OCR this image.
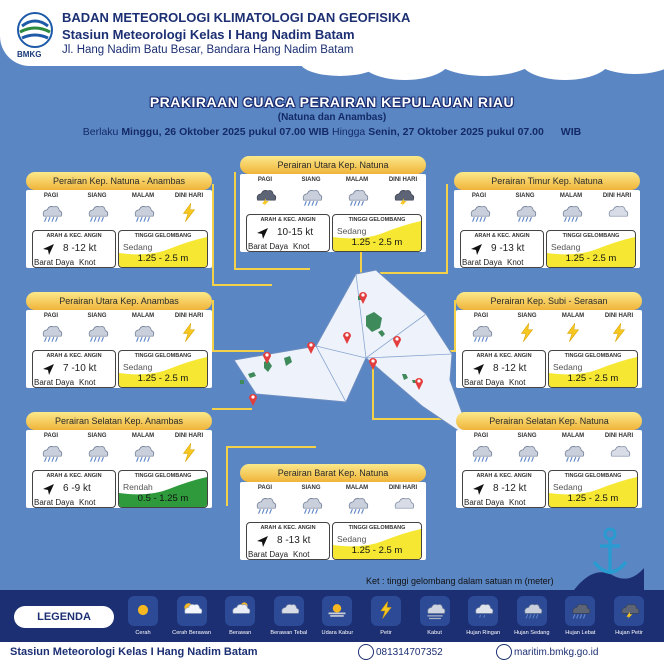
BMKG
BADAN METEOROLOGI KLIMATOLOGI DAN GEOFISIKA
Stasiun Meteorologi Kelas I Hang Nadim Batam
Jl. Hang Nadim Batu Besar, Bandara Hang Nadim Batam
PRAKIRAAN CUACA PERAIRAN KEPULAUAN RIAU
(Natuna dan Anambas)
Berlaku Minggu, 26 Oktober 2025 pukul 07.00 WIB Hingga Senin, 27 Oktober 2025 pukul 07.00 WIB
Perairan Kep. Natuna - Anambas
PAGI	SIANG	MALAM	DINI HARI
ARAH & KEC. ANGIN
8 -12 kt
Barat Daya Knot
TINGGI GELOMBANG
Sedang
1.25 - 2.5 m
Perairan Utara Kep. Natuna
PAGI	SIANG	MALAM	DINI HARI
ARAH & KEC. ANGIN
10-15 kt
Barat Daya Knot
TINGGI GELOMBANG
Sedang
1.25 - 2.5 m
Perairan Timur Kep. Natuna
PAGI	SIANG	MALAM	DINI HARI
ARAH & KEC. ANGIN
9 -13 kt
Barat Daya Knot
TINGGI GELOMBANG
Sedang
1.25 - 2.5 m
Perairan Utara Kep. Anambas
PAGI	SIANG	MALAM	DINI HARI
ARAH & KEC. ANGIN
7 -10 kt
Barat Daya Knot
TINGGI GELOMBANG
Sedang
1.25 - 2.5 m
Perairan Kep. Subi - Serasan
PAGI	SIANG	MALAM	DINI HARI
ARAH & KEC. ANGIN
8 -12 kt
Barat Daya Knot
TINGGI GELOMBANG
Sedang
1.25 - 2.5 m
Perairan Selatan Kep. Anambas
PAGI	SIANG	MALAM	DINI HARI
ARAH & KEC. ANGIN
6 -9 kt
Barat Daya Knot
TINGGI GELOMBANG
Rendah
0.5 - 1.25 m
Perairan Selatan Kep. Natuna
PAGI	SIANG	MALAM	DINI HARI
ARAH & KEC. ANGIN
8 -12 kt
Barat Daya Knot
TINGGI GELOMBANG
Sedang
1.25 - 2.5 m
Perairan Barat Kep. Natuna
PAGI	SIANG	MALAM	DINI HARI
ARAH & KEC. ANGIN
8 -13 kt
Barat Daya Knot
TINGGI GELOMBANG
Sedang
1.25 - 2.5 m
Ket : tinggi gelombang dalam satuan m (meter)
LEGENDA
Cerah	Cerah Berawan	Berawan	Berawan Tebal	Udara Kabur	Petir	Kabut	Hujan Ringan	Hujan Sedang	Hujan Lebat	Hujan Petir
Stasiun Meteorologi Kelas I Hang Nadim Batam	081314707352	maritim.bmkg.go.id
